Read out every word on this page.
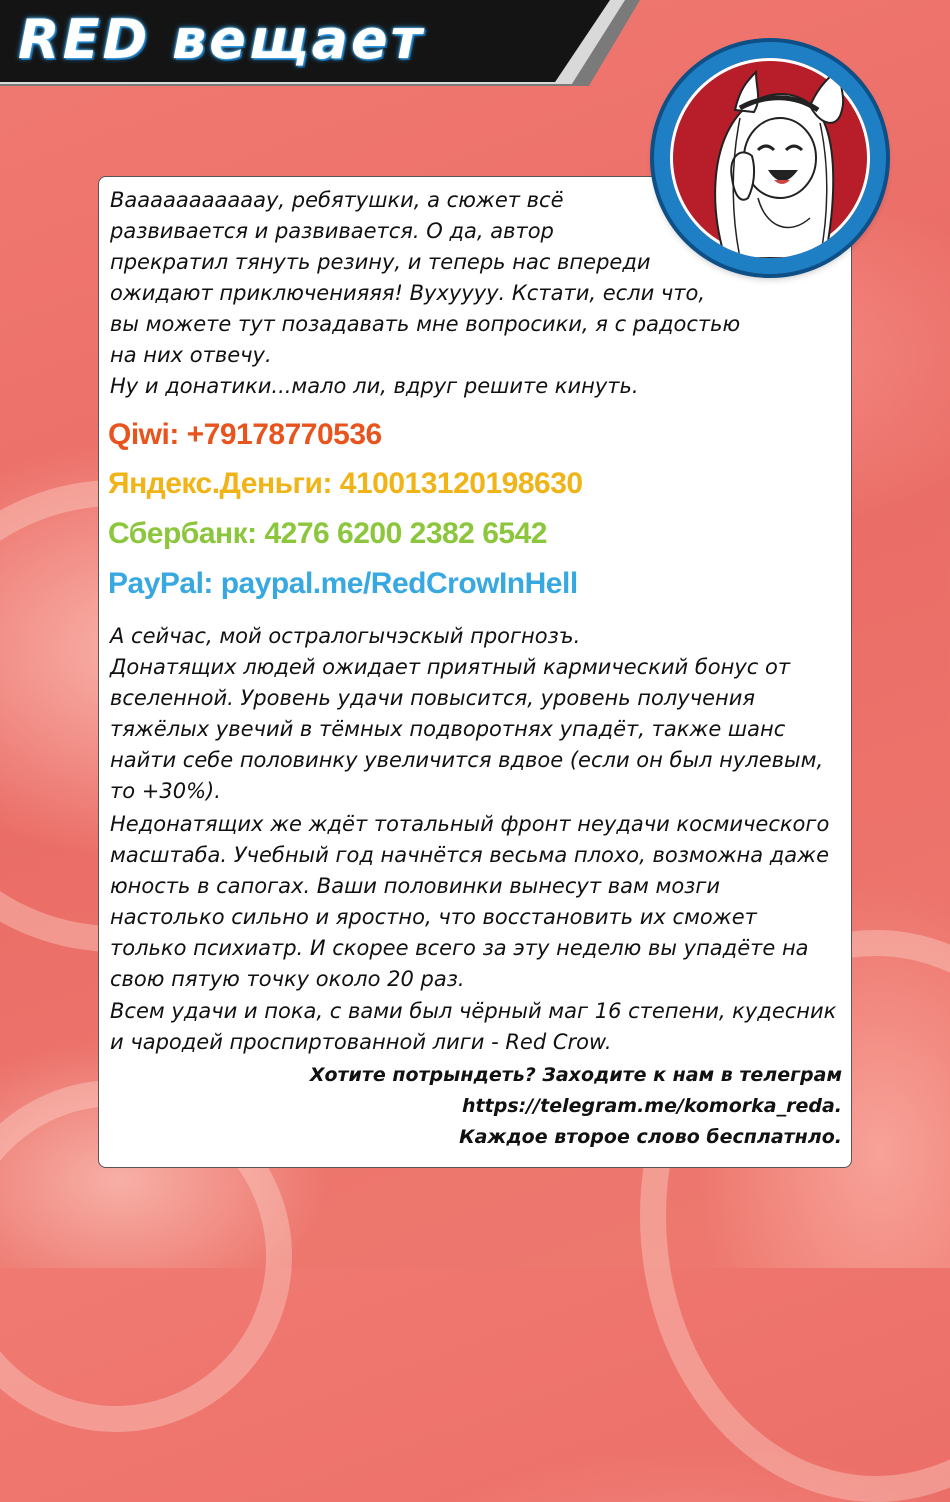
RED вещает

Вааааааааааау, ребятушки, а сюжет всё

развивается и развивается. О да, автор

прекратил тянуть резину, и теперь нас впереди

ожидают приключенияяя! Вухуууу. Кстати, если что,

вы можете тут позадавать мне вопросики, я с радостью

на них отвечу.

Ну и донатики...мало ли, вдруг решите кинуть.

Qiwi: +79178770536

Яндекс.Деньги: 410013120198630

Сбербанк: 4276 6200 2382 6542

PayPal: paypal.me/RedCrowInHell

А сейчас, мой остралогычэскый прогнозъ.

Донатящих людей ожидает приятный кармический бонус от

вселенной. Уровень удачи повысится, уровень получения

тяжёлых увечий в тёмных подворотнях упадёт, также шанс

найти себе половинку увеличится вдвое (если он был нулевым,

то +30%).

Недонатящих же ждёт тотальный фронт неудачи космического

масштаба. Учебный год начнётся весьма плохо, возможна даже

юность в сапогах. Ваши половинки вынесут вам мозги

настолько сильно и яростно, что восстановить их сможет

только психиатр. И скорее всего за эту неделю вы упадёте на

свою пятую точку около 20 раз.

Всем удачи и пока, с вами был чёрный маг 16 степени, кудесник

и чародей проспиртованной лиги - Red Crow.

Хотите потрындеть? Заходите к нам в телеграм

https://telegram.me/komorka_reda.

Каждое второе слово бесплатнло.
